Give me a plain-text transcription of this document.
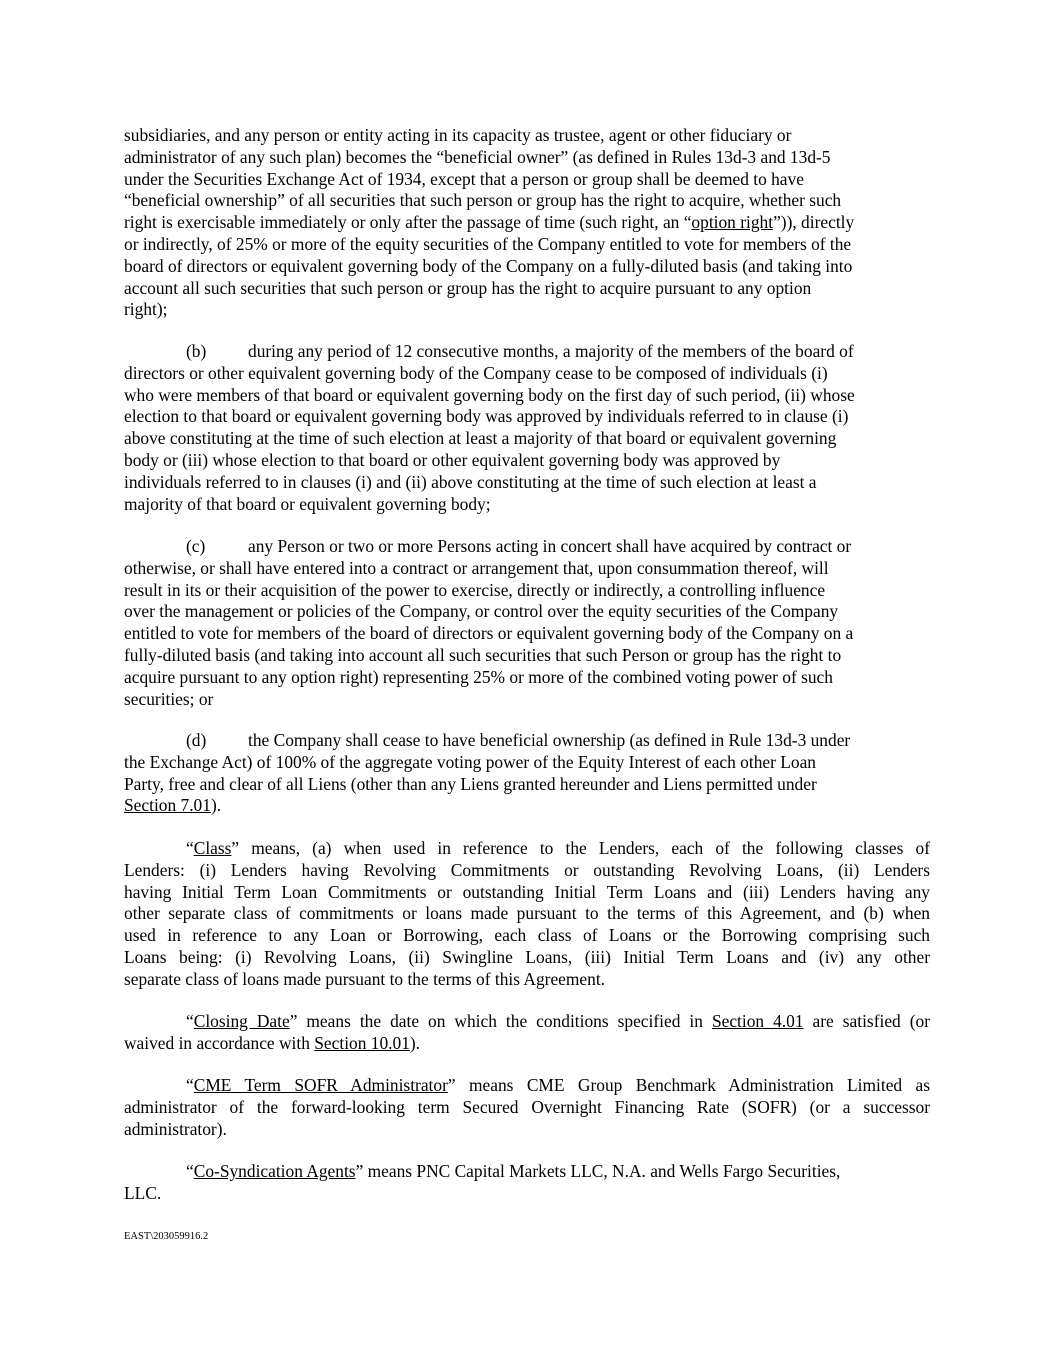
subsidiaries, and any person or entity acting in its capacity as trustee, agent or other fiduciary or
administrator of any such plan) becomes the “beneficial owner” (as defined in Rules 13d-3 and 13d-5
under the Securities Exchange Act of 1934, except that a person or group shall be deemed to have
“beneficial ownership” of all securities that such person or group has the right to acquire, whether such
right is exercisable immediately or only after the passage of time (such right, an “option right”)), directly
or indirectly, of 25% or more of the equity securities of the Company entitled to vote for members of the
board of directors or equivalent governing body of the Company on a fully-diluted basis (and taking into
account all such securities that such person or group has the right to acquire pursuant to any option
right);
(b) during any period of 12 consecutive months, a majority of the members of the board of
directors or other equivalent governing body of the Company cease to be composed of individuals (i)
who were members of that board or equivalent governing body on the first day of such period, (ii) whose
election to that board or equivalent governing body was approved by individuals referred to in clause (i)
above constituting at the time of such election at least a majority of that board or equivalent governing
body or (iii) whose election to that board or other equivalent governing body was approved by
individuals referred to in clauses (i) and (ii) above constituting at the time of such election at least a
majority of that board or equivalent governing body;
(c) any Person or two or more Persons acting in concert shall have acquired by contract or
otherwise, or shall have entered into a contract or arrangement that, upon consummation thereof, will
result in its or their acquisition of the power to exercise, directly or indirectly, a controlling influence
over the management or policies of the Company, or control over the equity securities of the Company
entitled to vote for members of the board of directors or equivalent governing body of the Company on a
fully-diluted basis (and taking into account all such securities that such Person or group has the right to
acquire pursuant to any option right) representing 25% or more of the combined voting power of such
securities; or
(d) the Company shall cease to have beneficial ownership (as defined in Rule 13d-3 under
the Exchange Act) of 100% of the aggregate voting power of the Equity Interest of each other Loan
Party, free and clear of all Liens (other than any Liens granted hereunder and Liens permitted under
Section 7.01).
“Class” means, (a) when used in reference to the Lenders, each of the following classes of
Lenders: (i) Lenders having Revolving Commitments or outstanding Revolving Loans, (ii) Lenders
having Initial Term Loan Commitments or outstanding Initial Term Loans and (iii) Lenders having any
other separate class of commitments or loans made pursuant to the terms of this Agreement, and (b) when
used in reference to any Loan or Borrowing, each class of Loans or the Borrowing comprising such
Loans being: (i) Revolving Loans, (ii) Swingline Loans, (iii) Initial Term Loans and (iv) any other
separate class of loans made pursuant to the terms of this Agreement.
“Closing Date” means the date on which the conditions specified in Section 4.01 are satisfied (or
waived in accordance with Section 10.01).
“CME Term SOFR Administrator” means CME Group Benchmark Administration Limited as
administrator of the forward-looking term Secured Overnight Financing Rate (SOFR) (or a successor
administrator).
“Co-Syndication Agents” means PNC Capital Markets LLC, N.A. and Wells Fargo Securities,
LLC.
EAST\203059916.2
